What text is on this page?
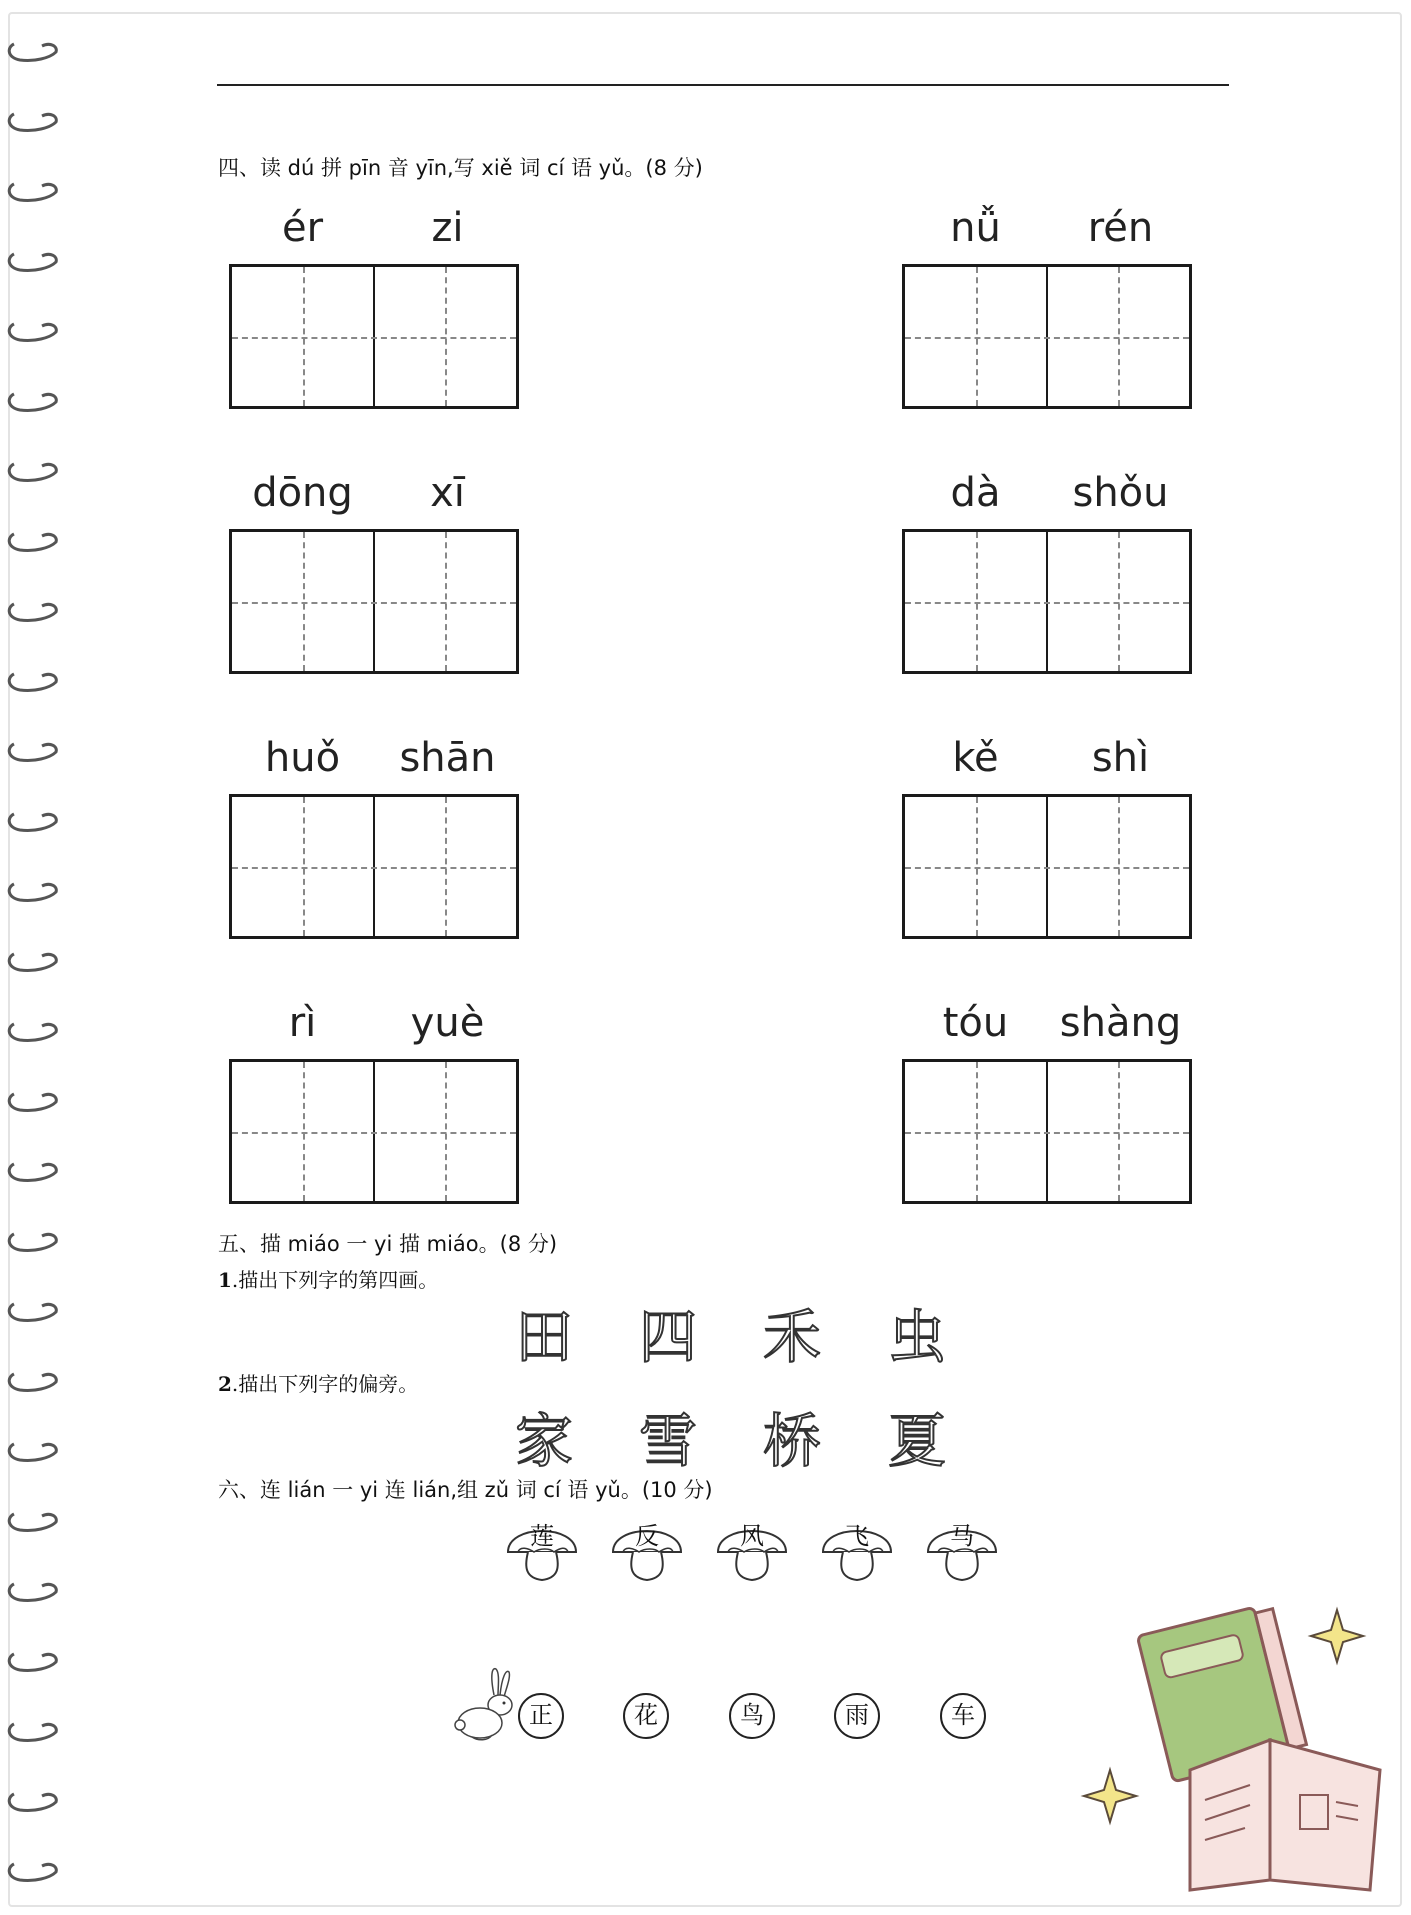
四、读 dú 拼 pīn 音 yīn,写 xiě 词 cí 语 yǔ。(8 分)
ér	zi	nǚ	rén
dōng	xī	dà	shǒu
huǒ	shān	kě	shì
rì	yuè	tóu	shàng
五、描 miáo 一 yi 描 miáo。(8 分)
1.描出下列字的第四画。
田 四 禾 虫
2.描出下列字的偏旁。
家 雪 桥 夏
六、连 lián 一 yi 连 lián,组 zǔ 词 cí 语 yǔ。(10 分)
莲	反	风	飞	马
正	花	鸟	雨	车
